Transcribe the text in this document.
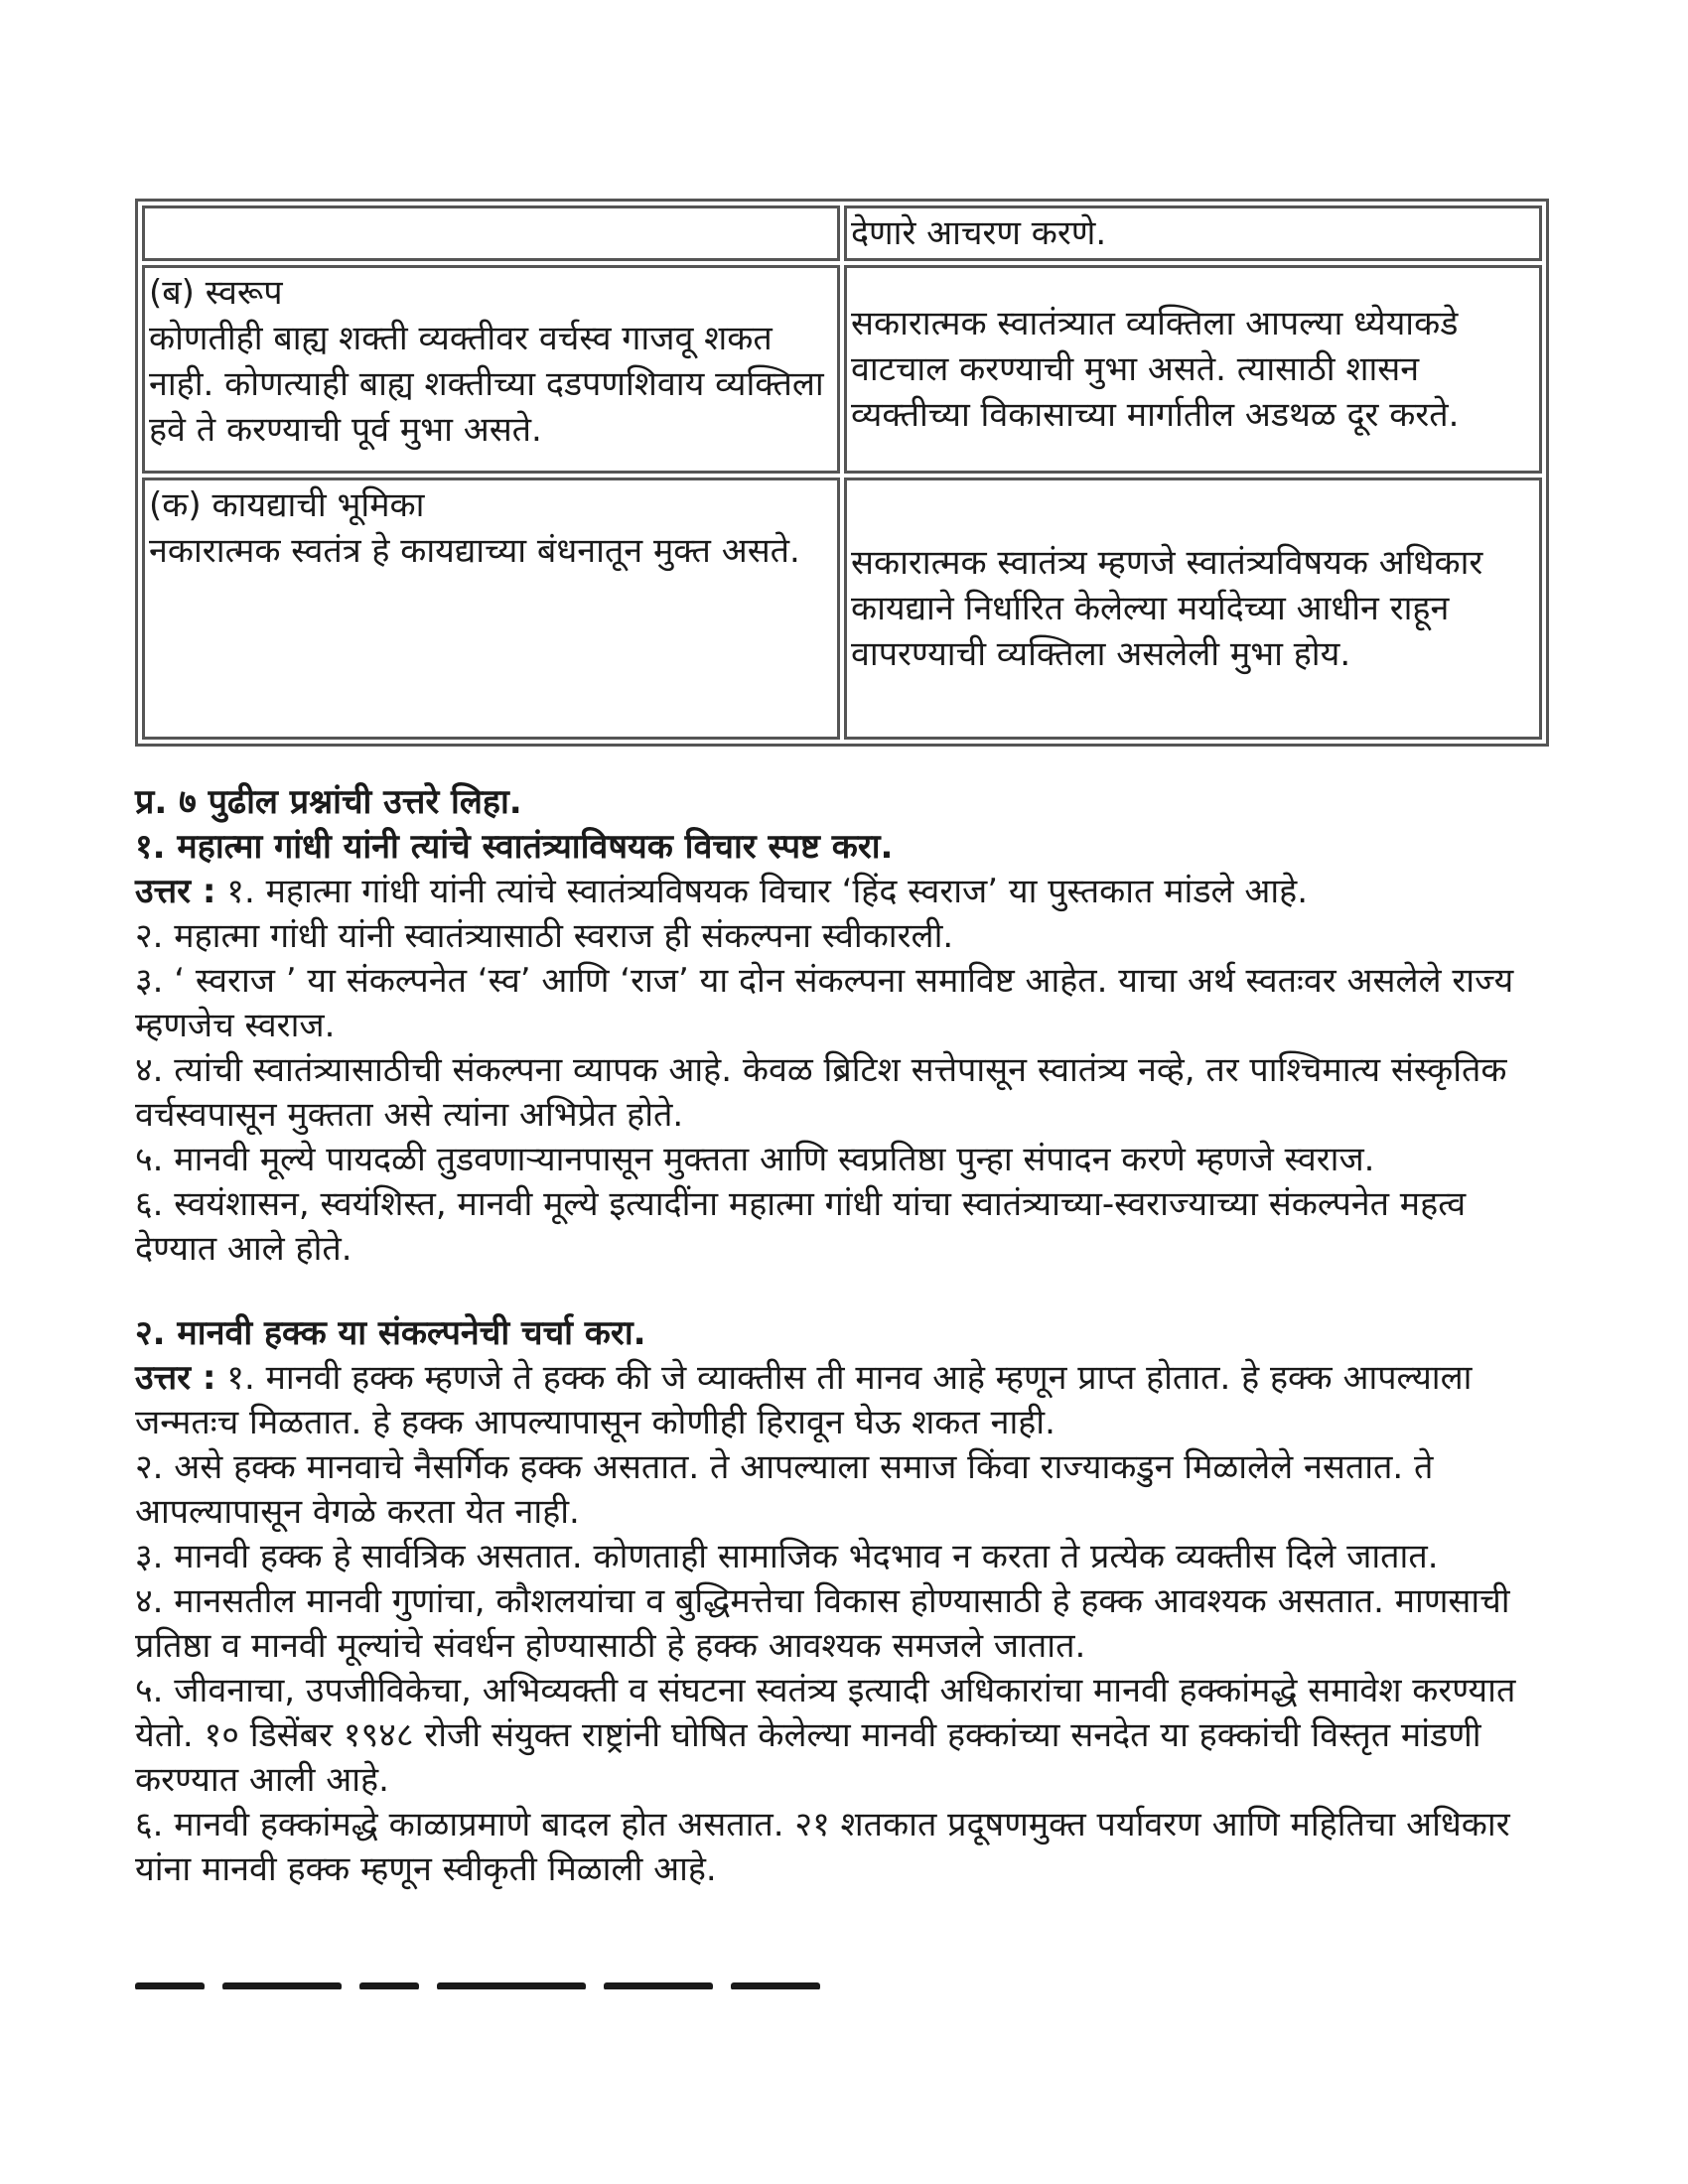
	देणारे आचरण करणे.

(ब) स्वरूप
कोणतीही बाह्य शक्ती व्यक्तीवर वर्चस्व गाजवू शकत नाही. कोणत्याही बाह्य शक्तीच्या दडपणशिवाय व्यक्तिला हवे ते करण्याची पूर्व मुभा असते.	सकारात्मक स्वातंत्र्यात व्यक्तिला आपल्या ध्येयाकडे वाटचाल करण्याची मुभा असते. त्यासाठी शासन व्यक्तीच्या विकासाच्या मार्गातील अडथळ दूर करते.

(क) कायद्याची भूमिका
नकारात्मक स्वतंत्र हे कायद्याच्या बंधनातून मुक्त असते.	सकारात्मक स्वातंत्र्य म्हणजे स्वातंत्र्यविषयक अधिकार कायद्याने निर्धारित केलेल्या मर्यादेच्या आधीन राहून वापरण्याची व्यक्तिला असलेली मुभा होय.

प्र. ७ पुढील प्रश्नांची उत्तरे लिहा.

१. महात्मा गांधी यांनी त्यांचे स्वातंत्र्याविषयक विचार स्पष्ट करा.

उत्तर : १. महात्मा गांधी यांनी त्यांचे स्वातंत्र्यविषयक विचार ‘हिंद स्वराज’ या पुस्तकात मांडले आहे.

२. महात्मा गांधी यांनी स्वातंत्र्यासाठी स्वराज ही संकल्पना स्वीकारली.

३. ‘ स्वराज ’ या संकल्पनेत ‘स्व’ आणि ‘राज’ या दोन संकल्पना समाविष्ट आहेत. याचा अर्थ स्वतःवर असलेले राज्य म्हणजेच स्वराज.

४. त्यांची स्वातंत्र्यासाठीची संकल्पना व्यापक आहे. केवळ ब्रिटिश सत्तेपासून स्वातंत्र्य नव्हे, तर पाश्चिमात्य संस्कृतिक वर्चस्वपासून मुक्तता असे त्यांना अभिप्रेत होते.

५. मानवी मूल्ये पायदळी तुडवणाऱ्यानपासून मुक्तता आणि स्वप्रतिष्ठा पुन्हा संपादन करणे म्हणजे स्वराज.

६. स्वयंशासन, स्वयंशिस्त, मानवी मूल्ये इत्यादींना महात्मा गांधी यांचा स्वातंत्र्याच्या-स्वराज्याच्या संकल्पनेत महत्व देण्यात आले होते.

२. मानवी हक्क या संकल्पनेची चर्चा करा.

उत्तर : १. मानवी हक्क म्हणजे ते हक्क की जे व्याक्तीस ती मानव आहे म्हणून प्राप्त होतात. हे हक्क आपल्याला जन्मतःच मिळतात. हे हक्क आपल्यापासून कोणीही हिरावून घेऊ शकत नाही.

२. असे हक्क मानवाचे नैसर्गिक हक्क असतात. ते आपल्याला समाज किंवा राज्याकडुन मिळालेले नसतात. ते आपल्यापासून वेगळे करता येत नाही.

३. मानवी हक्क हे सार्वत्रिक असतात. कोणताही सामाजिक भेदभाव न करता ते प्रत्येक व्यक्तीस दिले जातात.

४. मानसतील मानवी गुणांचा, कौशलयांचा व बुद्धिमत्तेचा विकास होण्यासाठी हे हक्क आवश्यक असतात. माणसाची प्रतिष्ठा व मानवी मूल्यांचे संवर्धन होण्यासाठी हे हक्क आवश्यक समजले जातात.

५. जीवनाचा, उपजीविकेचा, अभिव्यक्ती व संघटना स्वतंत्र्य इत्यादी अधिकारांचा मानवी हक्कांमद्धे समावेश करण्यात येतो. १० डिसेंबर १९४८ रोजी संयुक्त राष्ट्रांनी घोषित केलेल्या मानवी हक्कांच्या सनदेत या हक्कांची विस्तृत मांडणी करण्यात आली आहे.

६. मानवी हक्कांमद्धे काळाप्रमाणे बादल होत असतात. २१ शतकात प्रदूषणमुक्त पर्यावरण आणि महितिचा अधिकार यांना मानवी हक्क म्हणून स्वीकृती मिळाली आहे.
